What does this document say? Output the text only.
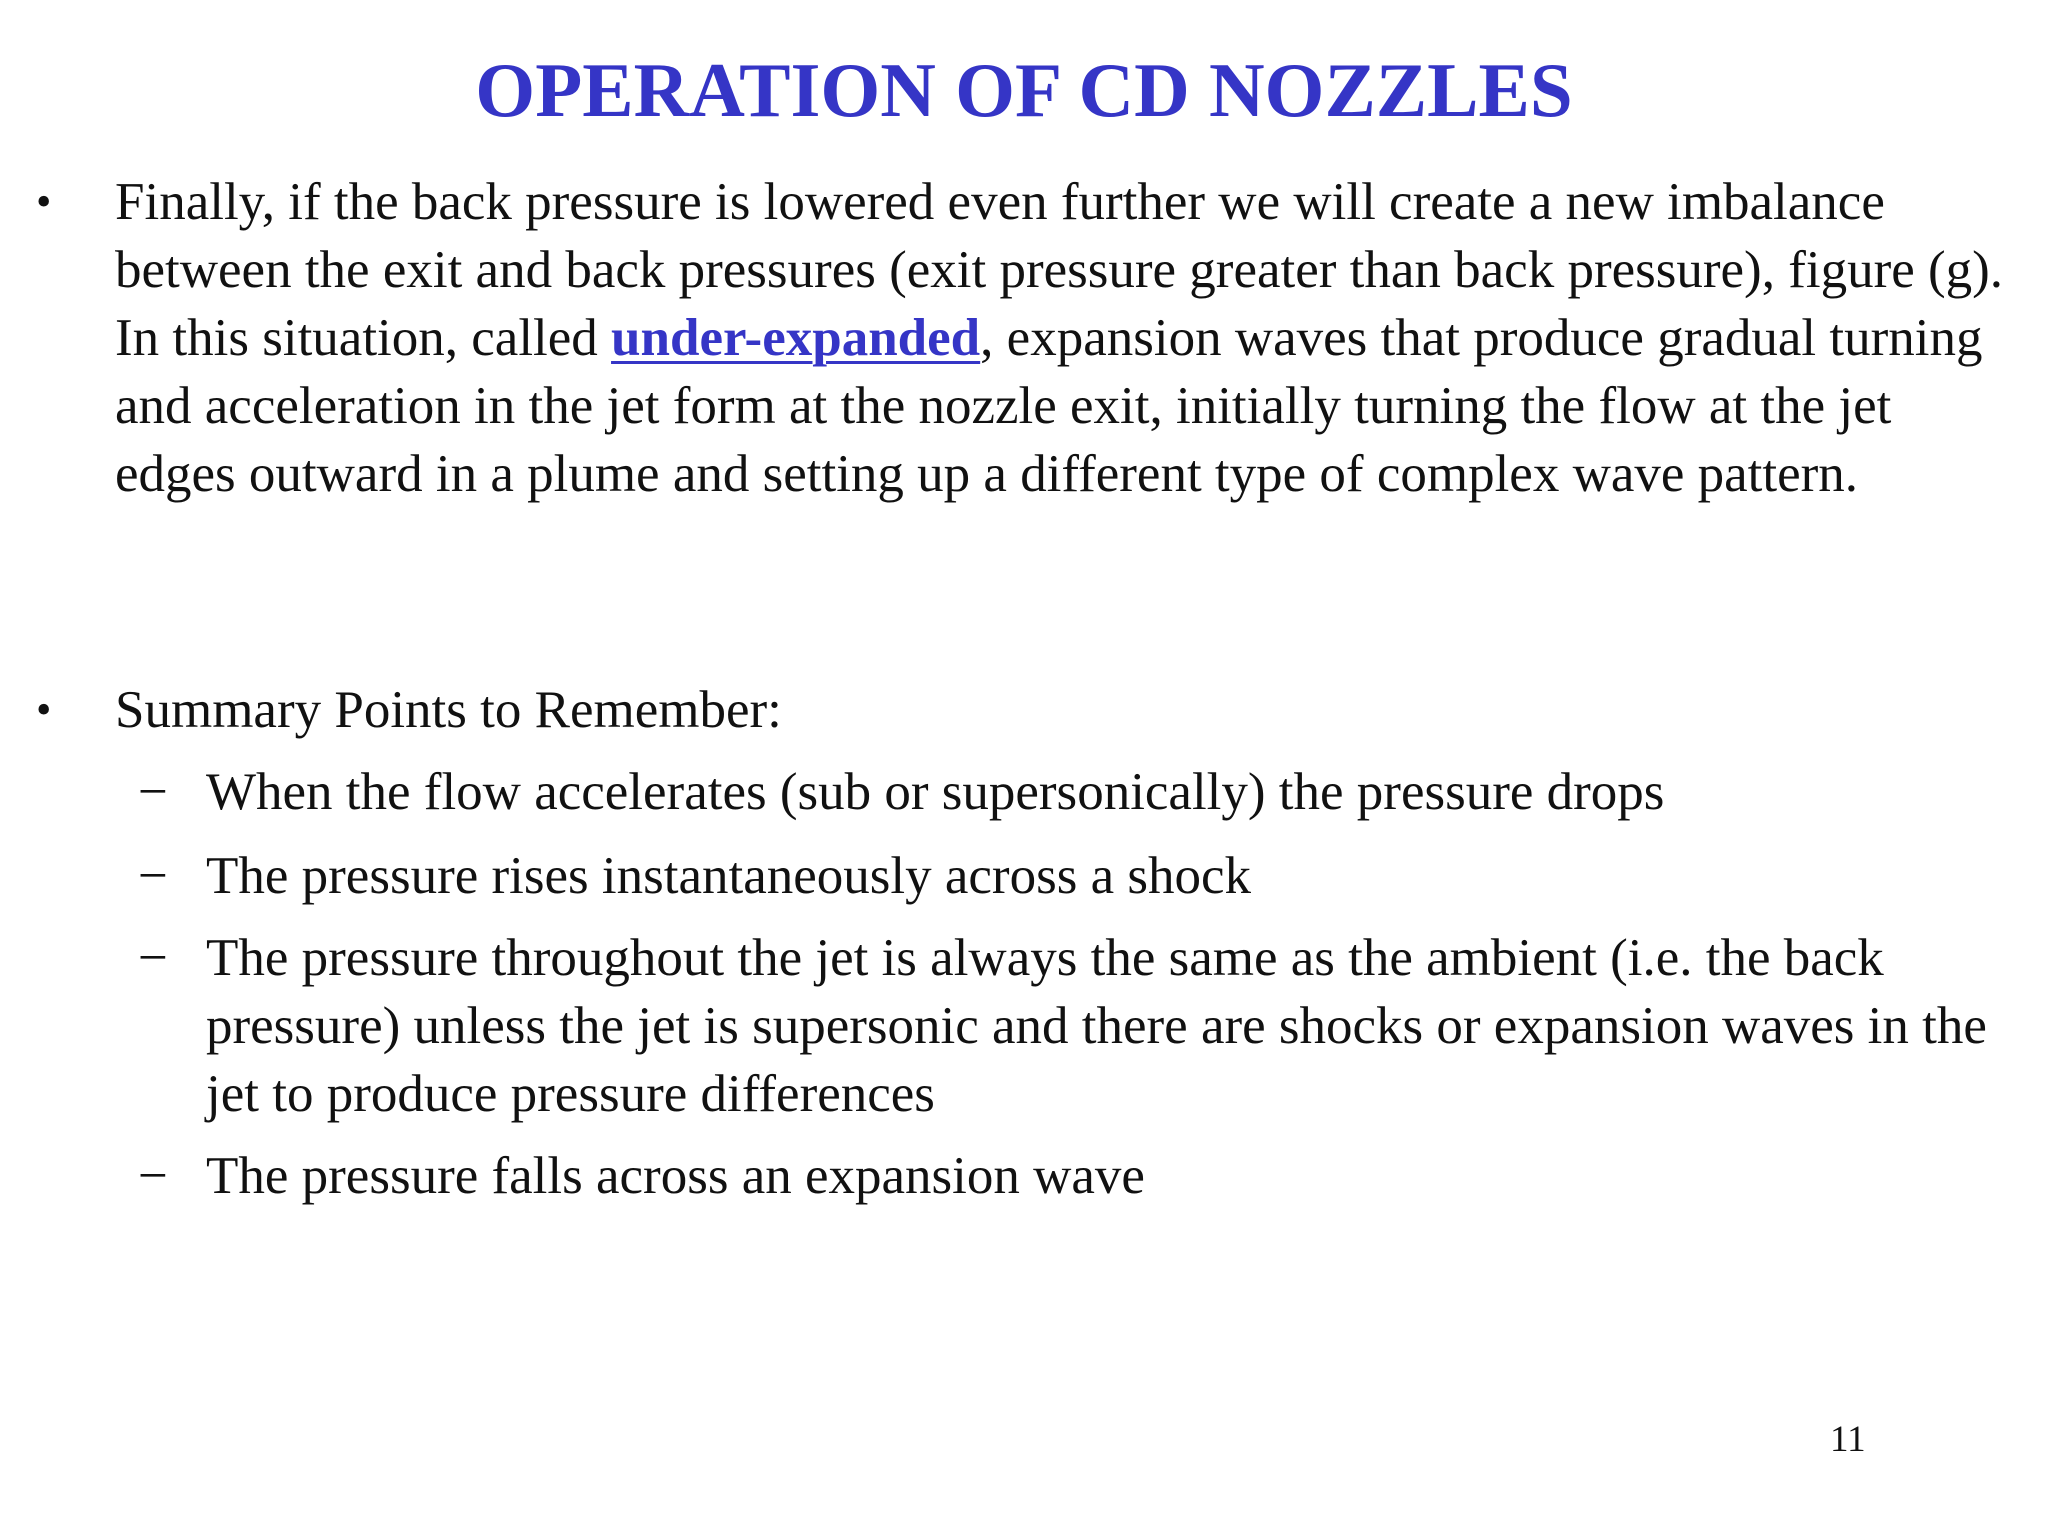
OPERATION OF CD NOZZLES
• Finally, if the back pressure is lowered even further we will create a new imbalance between the exit and back pressures (exit pressure greater than back pressure), figure (g). In this situation, called under-expanded, expansion waves that produce gradual turning and acceleration in the jet form at the nozzle exit, initially turning the flow at the jet edges outward in a plume and setting up a different type of complex wave pattern.
• Summary Points to Remember:
− When the flow accelerates (sub or supersonically) the pressure drops
− The pressure rises instantaneously across a shock
− The pressure throughout the jet is always the same as the ambient (i.e. the back pressure) unless the jet is supersonic and there are shocks or expansion waves in the jet to produce pressure differences
− The pressure falls across an expansion wave
11
